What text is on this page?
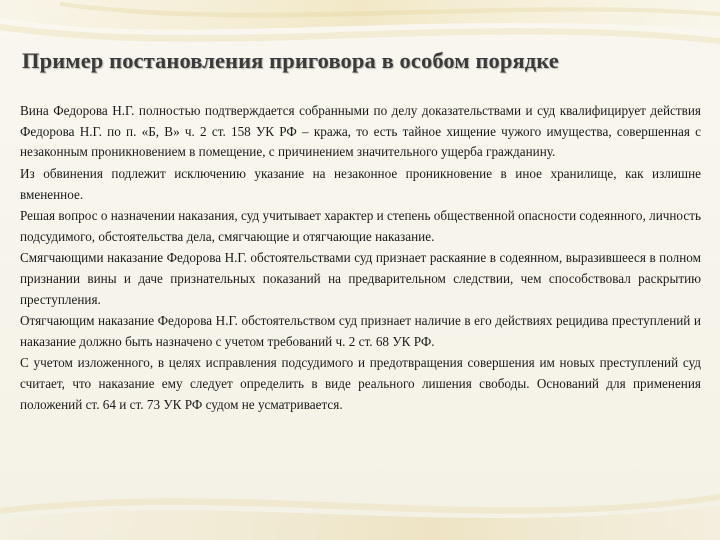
Пример постановления приговора в особом порядке

Вина Федорова Н.Г. полностью подтверждается собранными по делу доказательствами и суд квалифицирует действия Федорова Н.Г. по п. «Б, В» ч. 2 ст. 158 УК РФ – кража, то есть тайное хищение чужого имущества, совершенная с незаконным проникновением в помещение, с причинением значительного ущерба гражданину.

Из обвинения подлежит исключению указание на незаконное проникновение в иное хранилище, как излишне вмененное.

Решая вопрос о назначении наказания, суд учитывает характер и степень общественной опасности содеянного, личность подсудимого, обстоятельства дела, смягчающие и отягчающие наказание.

Смягчающими наказание Федорова Н.Г. обстоятельствами суд признает раскаяние в содеянном, выразившееся в полном признании вины и даче признательных показаний на предварительном следствии, чем способствовал раскрытию преступления.

Отягчающим наказание Федорова Н.Г. обстоятельством суд признает наличие в его действиях рецидива преступлений и наказание должно быть назначено с учетом требований ч. 2 ст. 68 УК РФ.

С учетом изложенного, в целях исправления подсудимого и предотвращения совершения им новых преступлений суд считает, что наказание ему следует определить в виде реального лишения свободы. Оснований для применения положений ст. 64 и ст. 73 УК РФ судом не усматривается.
